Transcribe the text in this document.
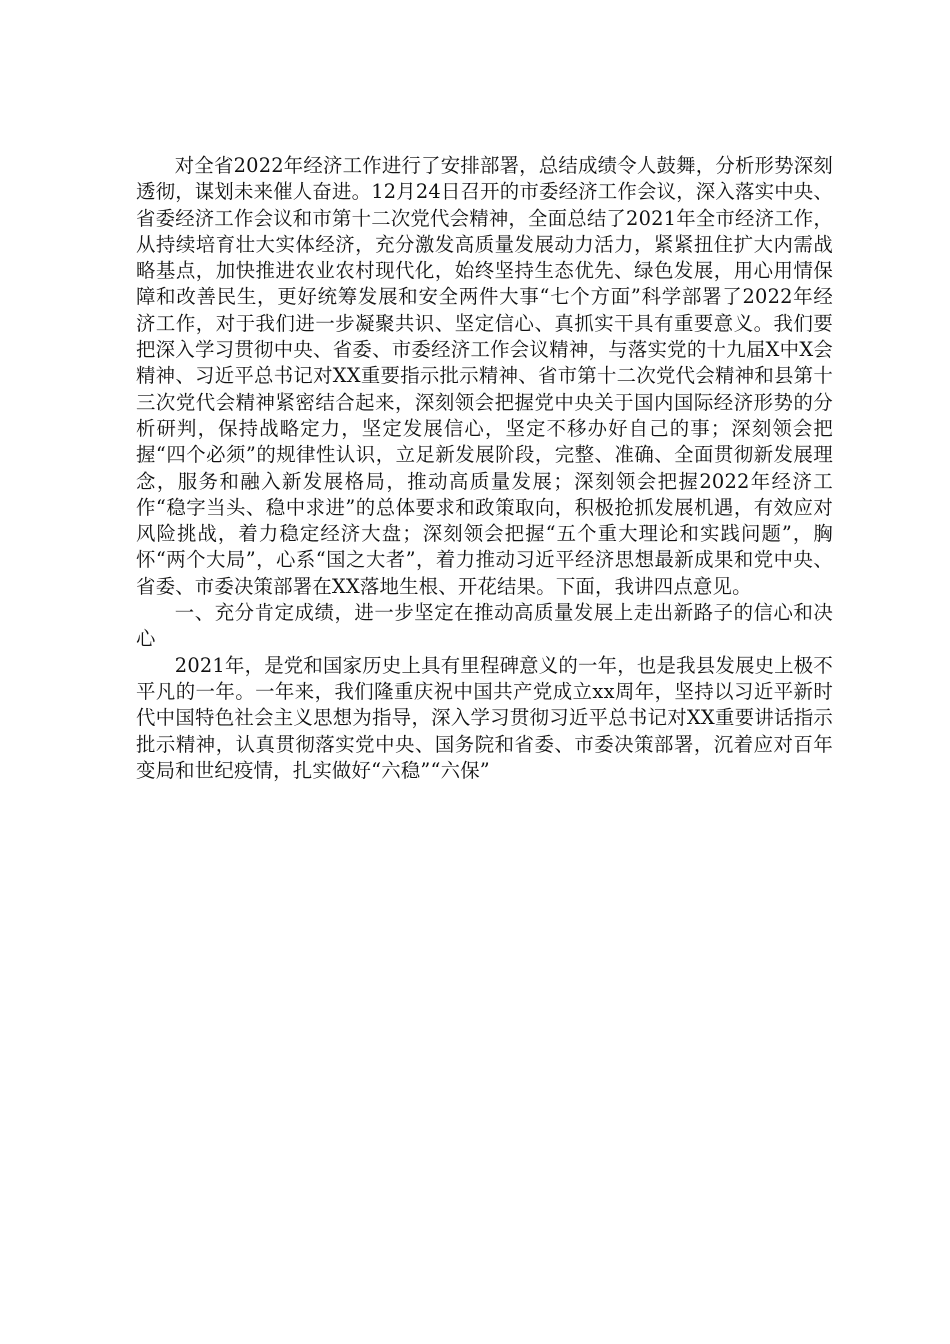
对全省2022年经济工作进行了安排部署，总结成绩令人鼓舞，分析形势深刻透彻，谋划未来催人奋进。12月24日召开的市委经济工作会议，深入落实中央、省委经济工作会议和市第十二次党代会精神，全面总结了2021年全市经济工作，从持续培育壮大实体经济，充分激发高质量发展动力活力，紧紧扭住扩大内需战略基点，加快推进农业农村现代化，始终坚持生态优先、绿色发展，用心用情保障和改善民生，更好统筹发展和安全两件大事“七个方面”科学部署了2022年经济工作，对于我们进一步凝聚共识、坚定信心、真抓实干具有重要意义。我们要把深入学习贯彻中央、省委、市委经济工作会议精神，与落实党的十九届X中X会精神、习近平总书记对XX重要指示批示精神、省市第十二次党代会精神和县第十三次党代会精神紧密结合起来，深刻领会把握党中央关于国内国际经济形势的分析研判，保持战略定力，坚定发展信心，坚定不移办好自己的事；深刻领会把握“四个必须”的规律性认识，立足新发展阶段，完整、准确、全面贯彻新发展理念，服务和融入新发展格局，推动高质量发展；深刻领会把握2022年经济工作“稳字当头、稳中求进”的总体要求和政策取向，积极抢抓发展机遇，有效应对风险挑战，着力稳定经济大盘；深刻领会把握“五个重大理论和实践问题”，胸怀“两个大局”，心系“国之大者”，着力推动习近平经济思想最新成果和党中央、省委、市委决策部署在XX落地生根、开花结果。下面，我讲四点意见。

一、充分肯定成绩，进一步坚定在推动高质量发展上走出新路子的信心和决心

2021年，是党和国家历史上具有里程碑意义的一年，也是我县发展史上极不平凡的一年。一年来，我们隆重庆祝中国共产党成立xx周年，坚持以习近平新时代中国特色社会主义思想为指导，深入学习贯彻习近平总书记对XX重要讲话指示批示精神，认真贯彻落实党中央、国务院和省委、市委决策部署，沉着应对百年变局和世纪疫情，扎实做好“六稳”“六保”
